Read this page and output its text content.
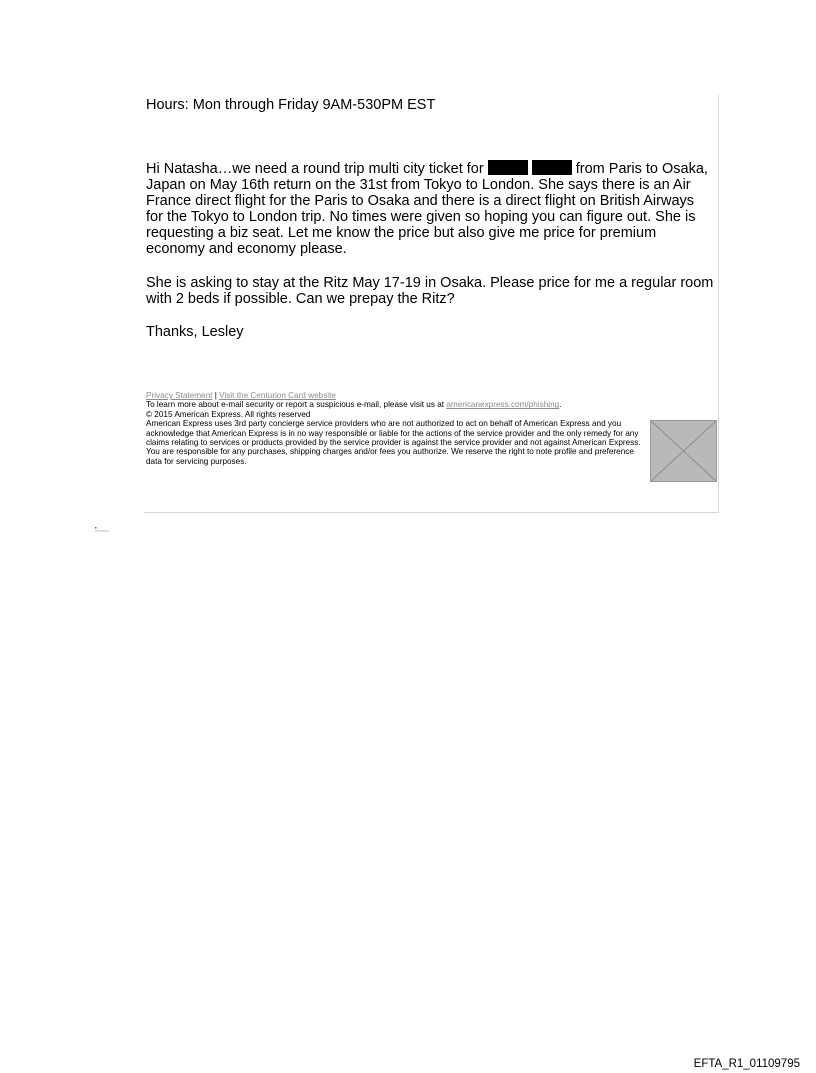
Hours: Mon through Friday 9AM-530PM EST

Hi Natasha…we need a round trip multi city ticket for	from Paris to Osaka, Japan on May 16th return on the 31st from Tokyo to London. She says there is an Air France direct flight for the Paris to Osaka and there is a direct flight on British Airways for the Tokyo to London trip. No times were given so hoping you can figure out. She is requesting a biz seat. Let me know the price but also give me price for premium economy and economy please.

She is asking to stay at the Ritz May 17-19 in Osaka. Please price for me a regular room with 2 beds if possible. Can we prepay the Ritz?

Thanks, Lesley

Privacy Statement | Visit the Centurion Card website
To learn more about e-mail security or report a suspicious e-mail, please visit us at americanexpress.com/phishing.
© 2015 American Express. All rights reserved
American Express uses 3rd party concierge service providers who are not authorized to act on behalf of American Express and you acknowledge that American Express is in no way responsible or liable for the actions of the service provider and the only remedy for any claims relating to services or products provided by the service provider is against the service provider and not against American Express. You are responsible for any purchases, shipping charges and/or fees you authorize. We reserve the right to note profile and preference data for servicing purposes.
EFTA_R1_01109795
